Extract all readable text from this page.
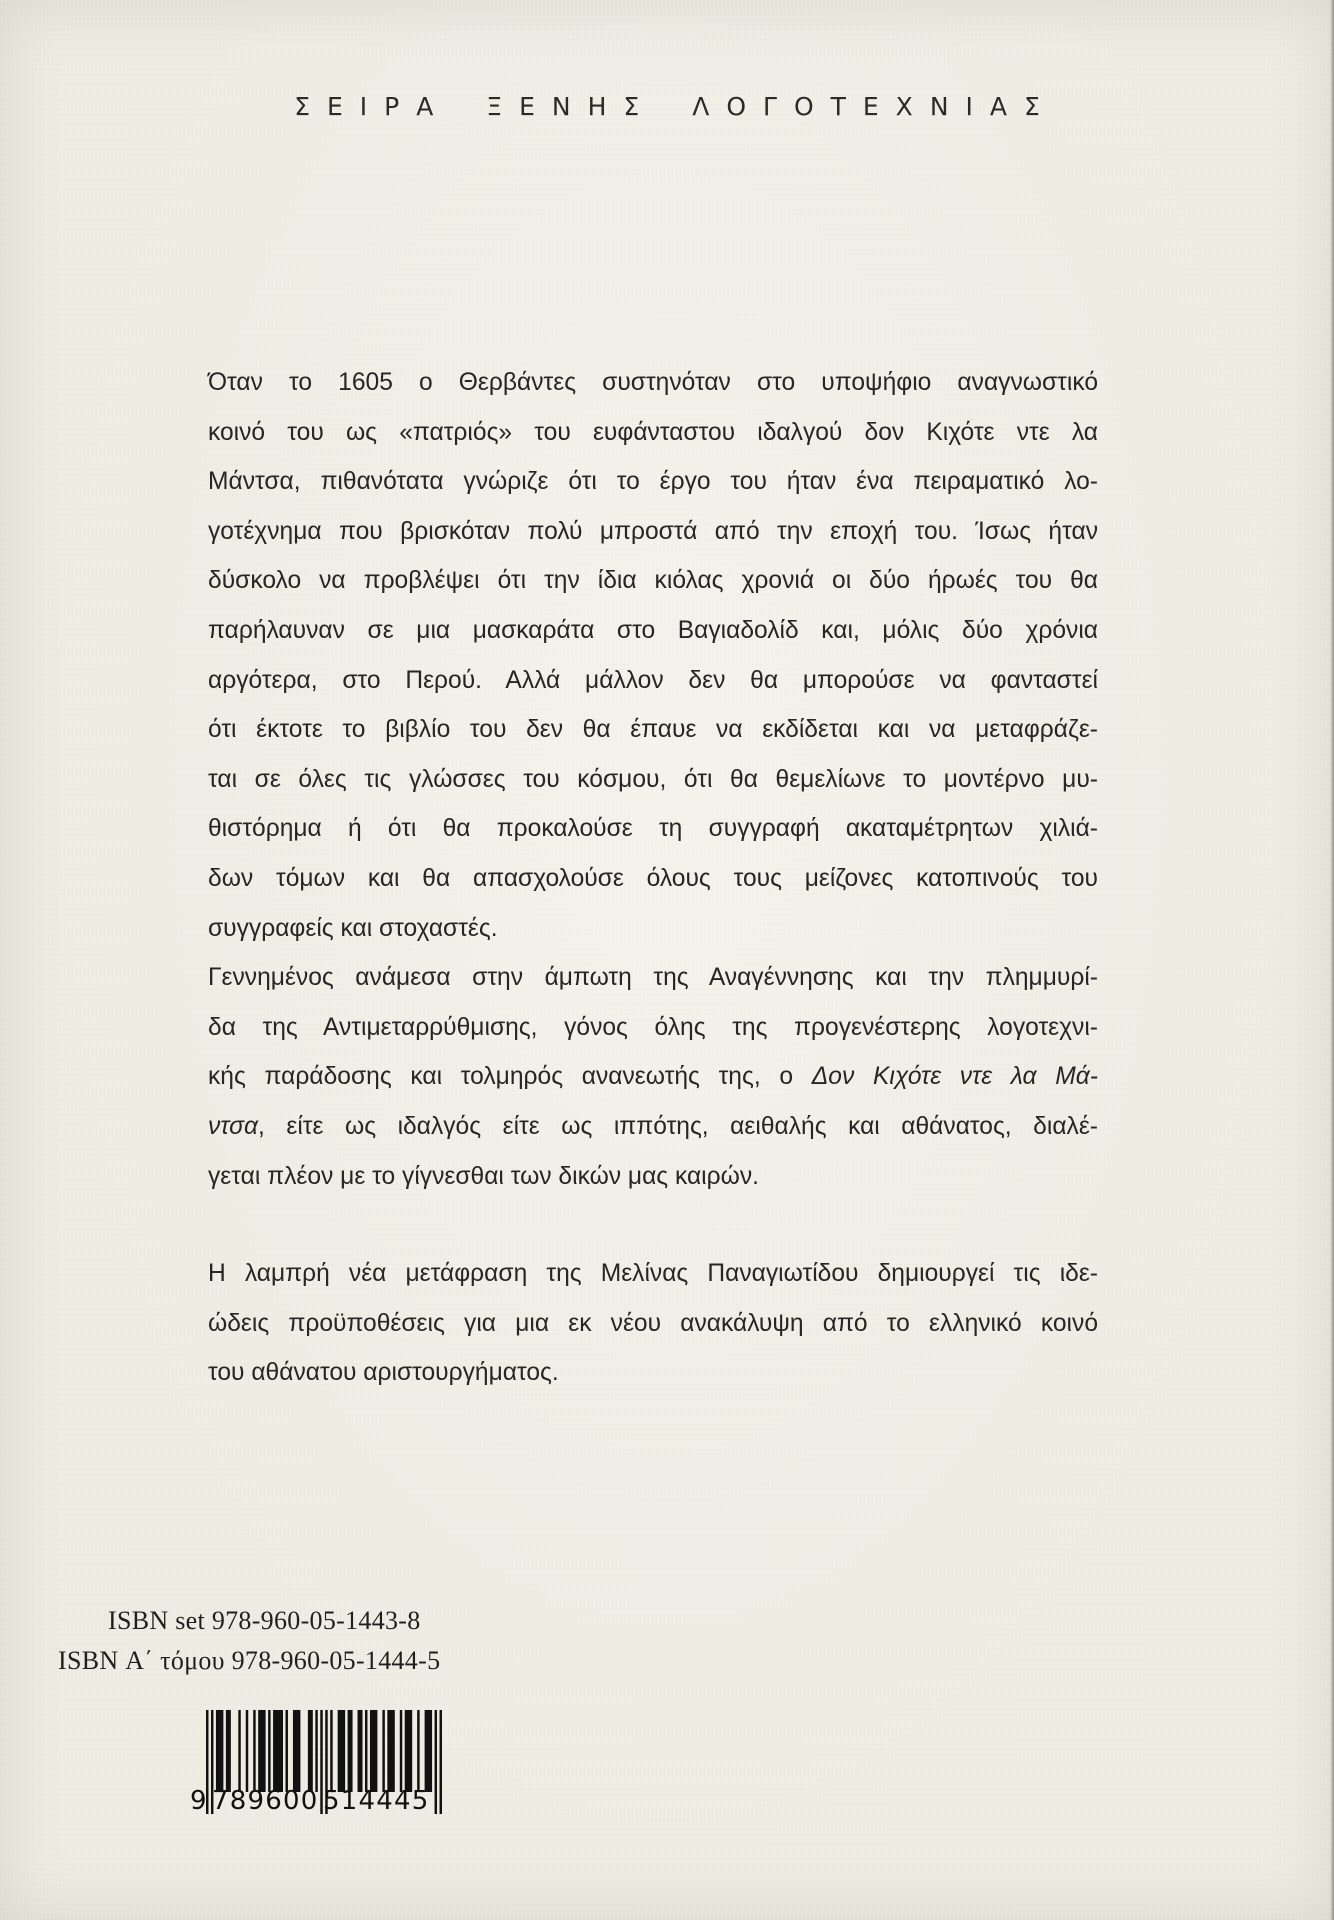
ΣΕΙΡΑ ΞΕΝΗΣ ΛΟΓΟΤΕΧΝΙΑΣ
Όταν το 1605 ο Θερβάντες συστηνόταν στο υποψήφιο αναγνωστικό
κοινό του ως «πατριός» του ευφάνταστου ιδαλγού δον Κιχότε ντε λα
Μάντσα, πιθανότατα γνώριζε ότι το έργο του ήταν ένα πειραματικό λο-
γοτέχνημα που βρισκόταν πολύ μπροστά από την εποχή του. Ίσως ήταν
δύσκολο να προβλέψει ότι την ίδια κιόλας χρονιά οι δύο ήρωές του θα
παρήλαυναν σε μια μασκαράτα στο Βαγιαδολίδ και, μόλις δύο χρόνια
αργότερα, στο Περού. Αλλά μάλλον δεν θα μπορούσε να φανταστεί
ότι έκτοτε το βιβλίο του δεν θα έπαυε να εκδίδεται και να μεταφράζε-
ται σε όλες τις γλώσσες του κόσμου, ότι θα θεμελίωνε το μοντέρνο μυ-
θιστόρημα ή ότι θα προκαλούσε τη συγγραφή ακαταμέτρητων χιλιά-
δων τόμων και θα απασχολούσε όλους τους μείζονες κατοπινούς του
συγγραφείς και στοχαστές.
Γεννημένος ανάμεσα στην άμπωτη της Αναγέννησης και την πλημμυρί-
δα της Αντιμεταρρύθμισης, γόνος όλης της προγενέστερης λογοτεχνι-
κής παράδοσης και τολμηρός ανανεωτής της, ο Δον Κιχότε ντε λα Μά-
ντσα, είτε ως ιδαλγός είτε ως ιππότης, αειθαλής και αθάνατος, διαλέ-
γεται πλέον με το γίγνεσθαι των δικών μας καιρών.
Η λαμπρή νέα μετάφραση της Μελίνας Παναγιωτίδου δημιουργεί τις ιδε-
ώδεις προϋποθέσεις για μια εκ νέου ανακάλυψη από το ελληνικό κοινό
του αθάνατου αριστουργήματος.
ISBN set 978-960-05-1443-8
ISBN Α΄ τόμου 978-960-05-1444-5
9 789600 514445
